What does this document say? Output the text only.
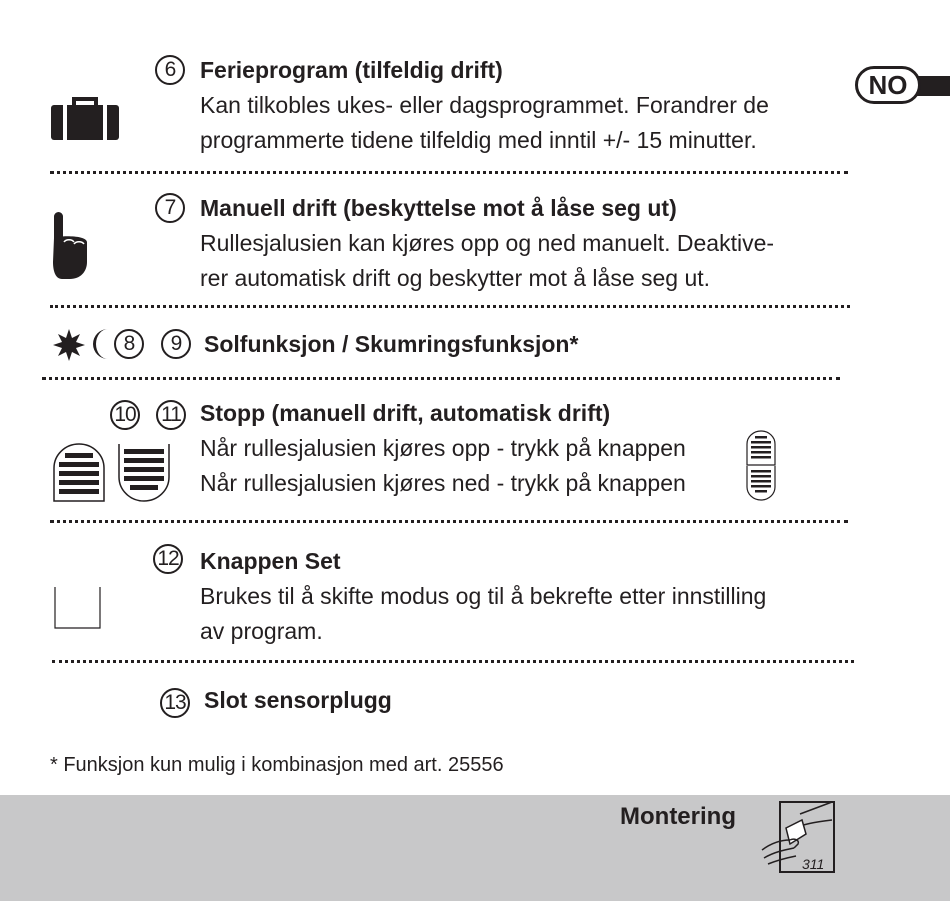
NO
6	Ferieprogram (tilfeldig drift)
Kan tilkobles ukes- eller dagsprogrammet. Forandrer de
programmerte tidene tilfeldig med inntil +/- 15 minutter.
7	Manuell drift (beskyttelse mot å låse seg ut)
Rullesjalusien kan kjøres opp og ned manuelt. Deaktive-
rer automatisk drift og beskytter mot å låse seg ut.
8	9 Solfunksjon / Skumringsfunksjon*
10 11 Stopp (manuell drift, automatisk drift)
Når rullesjalusien kjøres opp - trykk på knappen
Når rullesjalusien kjøres ned - trykk på knappen
12 Knappen Set
Brukes til å skifte modus og til å bekrefte etter innstilling
av program.
13 Slot sensorplugg
* Funksjon kun mulig i kombinasjon med art. 25556
Montering
311
